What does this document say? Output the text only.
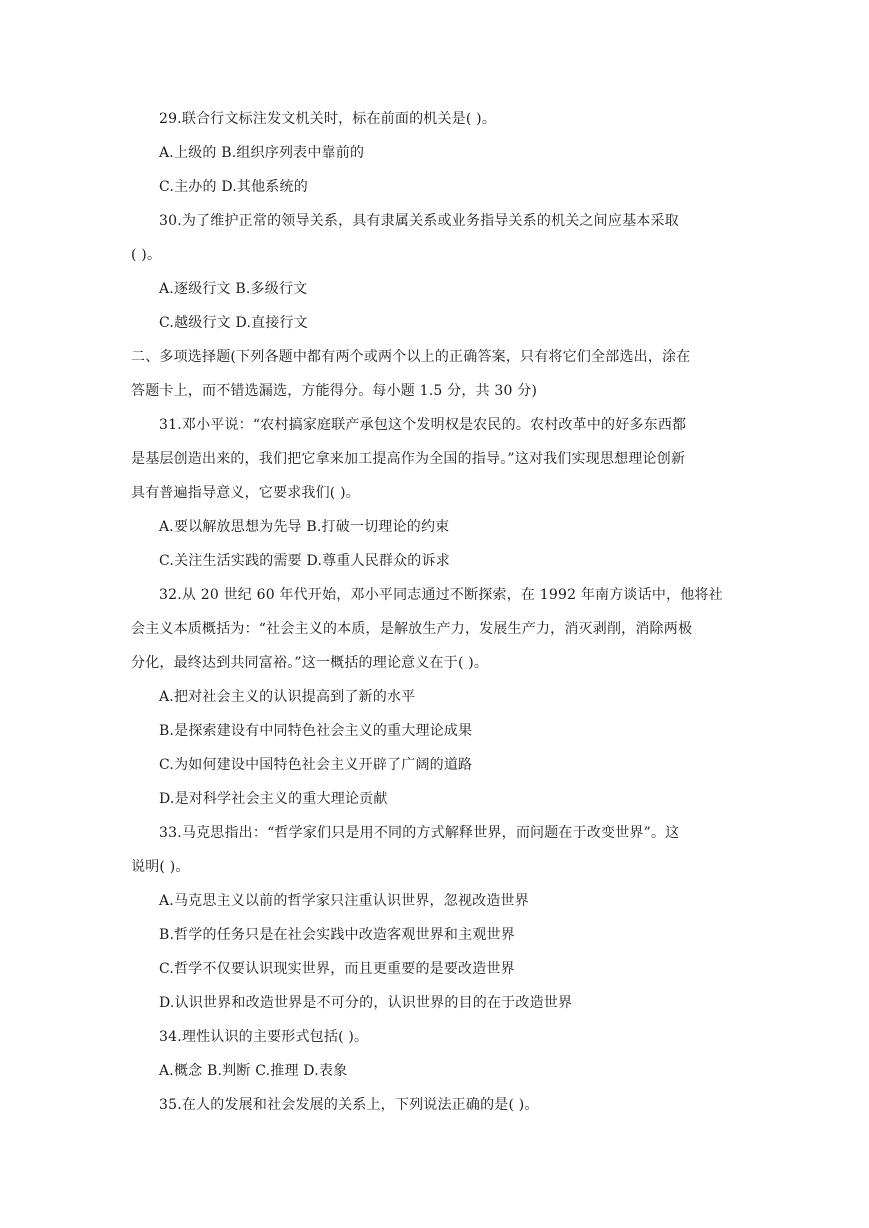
29.联合行文标注发文机关时，标在前面的机关是( )。
A.上级的 B.组织序列表中靠前的
C.主办的 D.其他系统的
30.为了维护正常的领导关系，具有隶属关系或业务指导关系的机关之间应基本采取
( )。
A.逐级行文 B.多级行文
C.越级行文 D.直接行文
二、多项选择题(下列各题中都有两个或两个以上的正确答案，只有将它们全部选出，涂在
答题卡上，而不错选漏选，方能得分。每小题 1.5 分，共 30 分)
31.邓小平说：“农村搞家庭联产承包这个发明权是农民的。农村改革中的好多东西都
是基层创造出来的，我们把它拿来加工提高作为全国的指导。”这对我们实现思想理论创新
具有普遍指导意义，它要求我们( )。
A.要以解放思想为先导 B.打破一切理论的约束
C.关注生活实践的需要 D.尊重人民群众的诉求
32.从 20 世纪 60 年代开始，邓小平同志通过不断探索，在 1992 年南方谈话中，他将社
会主义本质概括为：“社会主义的本质，是解放生产力，发展生产力，消灭剥削，消除两极
分化，最终达到共同富裕。”这一概括的理论意义在于( )。
A.把对社会主义的认识提高到了新的水平
B.是探索建设有中同特色社会主义的重大理论成果
C.为如何建设中国特色社会主义开辟了广阔的道路
D.是对科学社会主义的重大理论贡献
33.马克思指出：“哲学家们只是用不同的方式解释世界，而问题在于改变世界”。这
说明( )。
A.马克思主义以前的哲学家只注重认识世界，忽视改造世界
B.哲学的任务只是在社会实践中改造客观世界和主观世界
C.哲学不仅要认识现实世界，而且更重要的是要改造世界
D.认识世界和改造世界是不可分的，认识世界的目的在于改造世界
34.理性认识的主要形式包括( )。
A.概念 B.判断 C.推理 D.表象
35.在人的发展和社会发展的关系上，下列说法正确的是( )。
